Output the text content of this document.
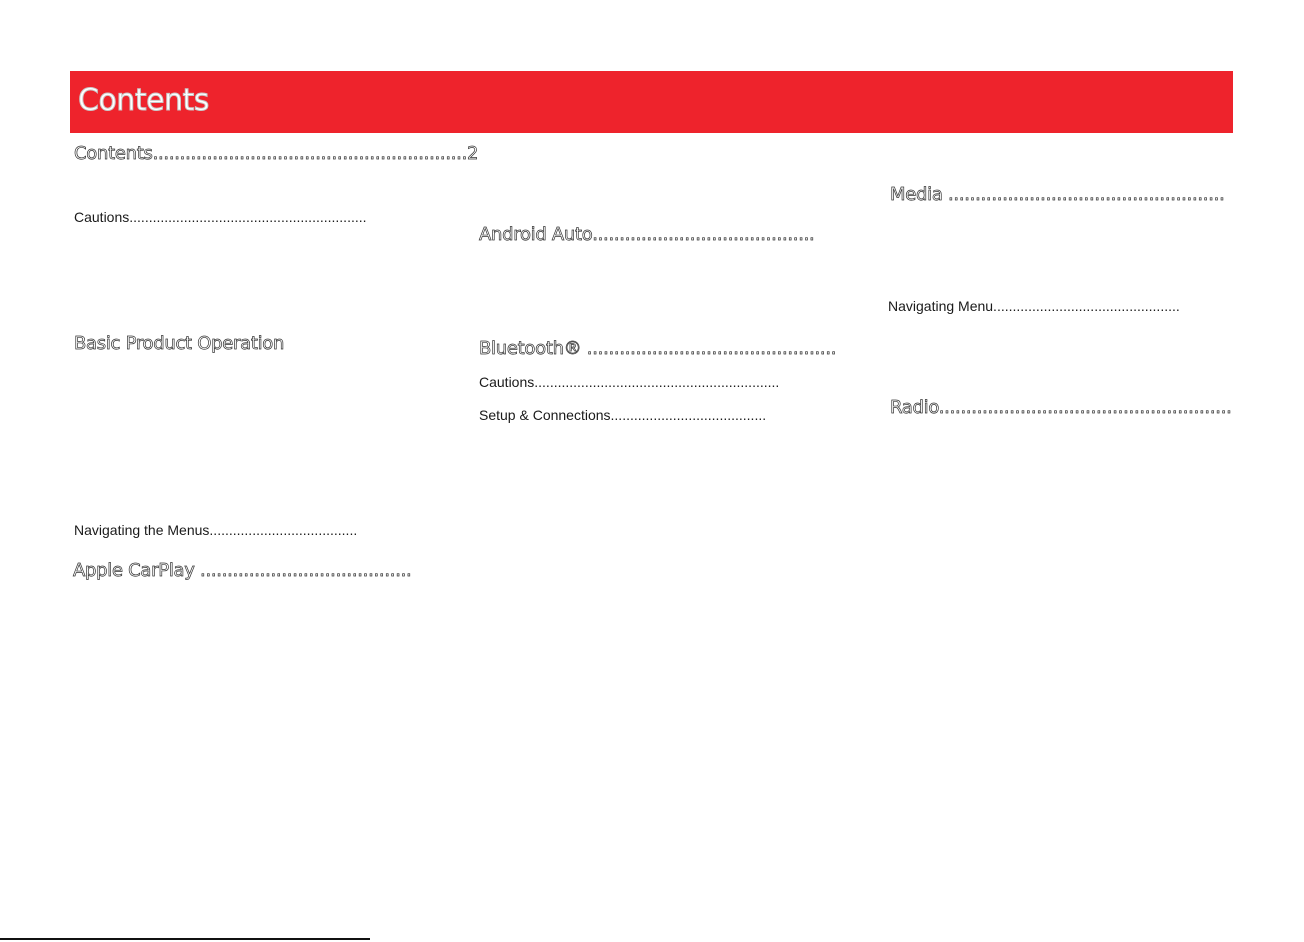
Contents
Contents..........................................................2
Cautions.............................................................
Basic Product Operation
Navigating the Menus......................................
Apple CarPlay .......................................
Android Auto.........................................
Bluetooth® ..............................................
Cautions...............................................................
Setup & Connections........................................
Media ...................................................
Navigating Menu................................................
Radio......................................................
